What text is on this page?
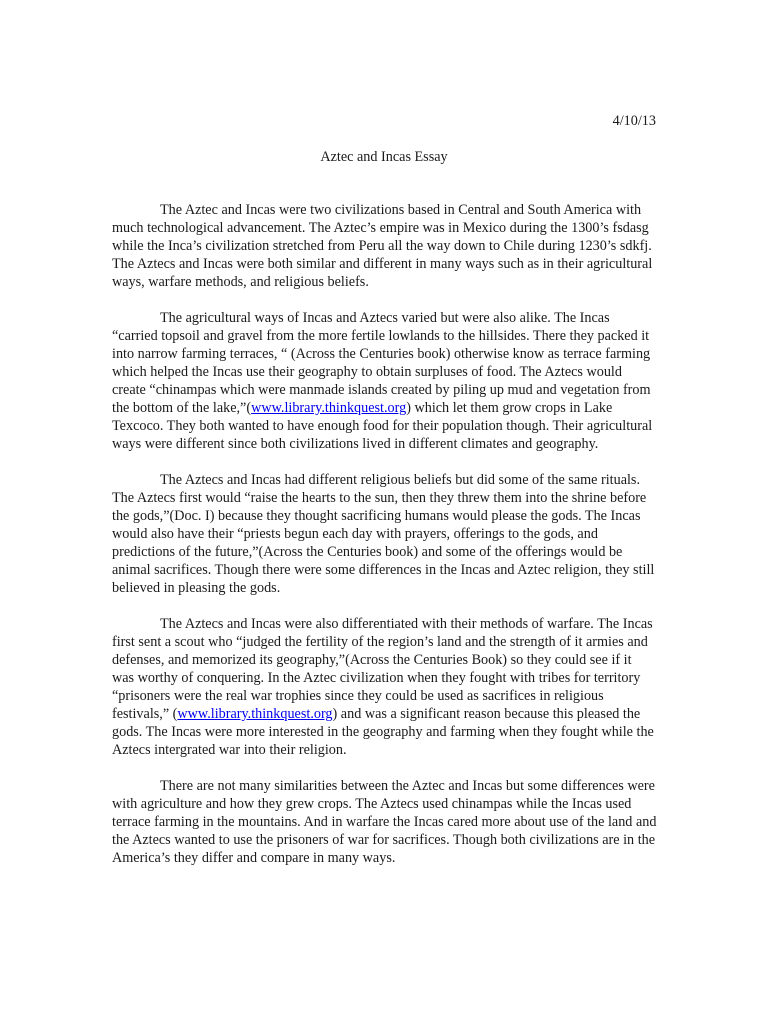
4/10/13
Aztec and Incas Essay

The Aztec and Incas were two civilizations based in Central and South America with much technological advancement. The Aztec’s empire was in Mexico during the 1300’s fsdasg while the Inca’s civilization stretched from Peru all the way down to Chile during 1230’s sdkfj. The Aztecs and Incas were both similar and different in many ways such as in their agricultural ways, warfare methods, and religious beliefs.

The agricultural ways of Incas and Aztecs varied but were also alike. The Incas “carried topsoil and gravel from the more fertile lowlands to the hillsides. There they packed it into narrow farming terraces, “ (Across the Centuries book) otherwise know as terrace farming which helped the Incas use their geography to obtain surpluses of food. The Aztecs would create “chinampas which were manmade islands created by piling up mud and vegetation from the bottom of the lake,”(www.library.thinkquest.org) which let them grow crops in Lake Texcoco. They both wanted to have enough food for their population though. Their agricultural ways were different since both civilizations lived in different climates and geography.

The Aztecs and Incas had different religious beliefs but did some of the same rituals. The Aztecs first would “raise the hearts to the sun, then they threw them into the shrine before the gods,”(Doc. I) because they thought sacrificing humans would please the gods. The Incas would also have their “priests begun each day with prayers, offerings to the gods, and predictions of the future,”(Across the Centuries book) and some of the offerings would be animal sacrifices. Though there were some differences in the Incas and Aztec religion, they still believed in pleasing the gods.

The Aztecs and Incas were also differentiated with their methods of warfare. The Incas first sent a scout who “judged the fertility of the region’s land and the strength of it armies and defenses, and memorized its geography,”(Across the Centuries Book) so they could see if it was worthy of conquering. In the Aztec civilization when they fought with tribes for territory “prisoners were the real war trophies since they could be used as sacrifices in religious festivals,” (www.library.thinkquest.org) and was a significant reason because this pleased the gods. The Incas were more interested in the geography and farming when they fought while the Aztecs intergrated war into their religion.

There are not many similarities between the Aztec and Incas but some differences were with agriculture and how they grew crops. The Aztecs used chinampas while the Incas used terrace farming in the mountains. And in warfare the Incas cared more about use of the land and the Aztecs wanted to use the prisoners of war for sacrifices. Though both civilizations are in the America’s they differ and compare in many ways.
